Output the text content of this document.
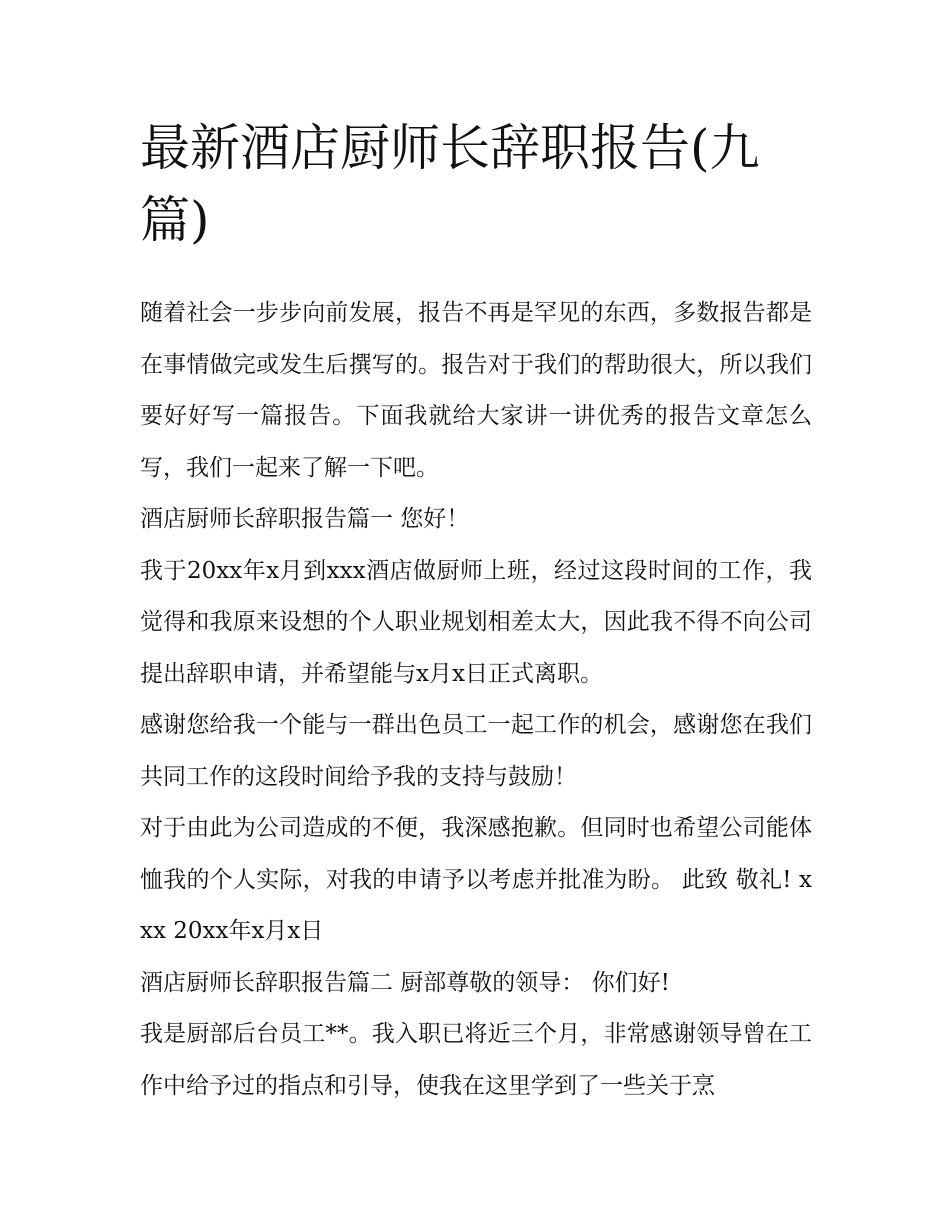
最新酒店厨师长辞职报告(九篇)

随着社会一步步向前发展，报告不再是罕见的东西，多数报告都是在事情做完或发生后撰写的。报告对于我们的帮助很大，所以我们要好好写一篇报告。下面我就给大家讲一讲优秀的报告文章怎么写，我们一起来了解一下吧。

酒店厨师长辞职报告篇一 您好！

我于20xx年x月到xxx酒店做厨师上班，经过这段时间的工作，我觉得和我原来设想的个人职业规划相差太大，因此我不得不向公司提出辞职申请，并希望能与x月x日正式离职。

感谢您给我一个能与一群出色员工一起工作的机会，感谢您在我们共同工作的这段时间给予我的支持与鼓励！

对于由此为公司造成的不便，我深感抱歉。但同时也希望公司能体恤我的个人实际，对我的申请予以考虑并批准为盼。 此致 敬礼! xxx 20xx年x月x日

酒店厨师长辞职报告篇二 厨部尊敬的领导： 你们好!

我是厨部后台员工**。我入职已将近三个月，非常感谢领导曾在工作中给予过的指点和引导，使我在这里学到了一些关于烹
